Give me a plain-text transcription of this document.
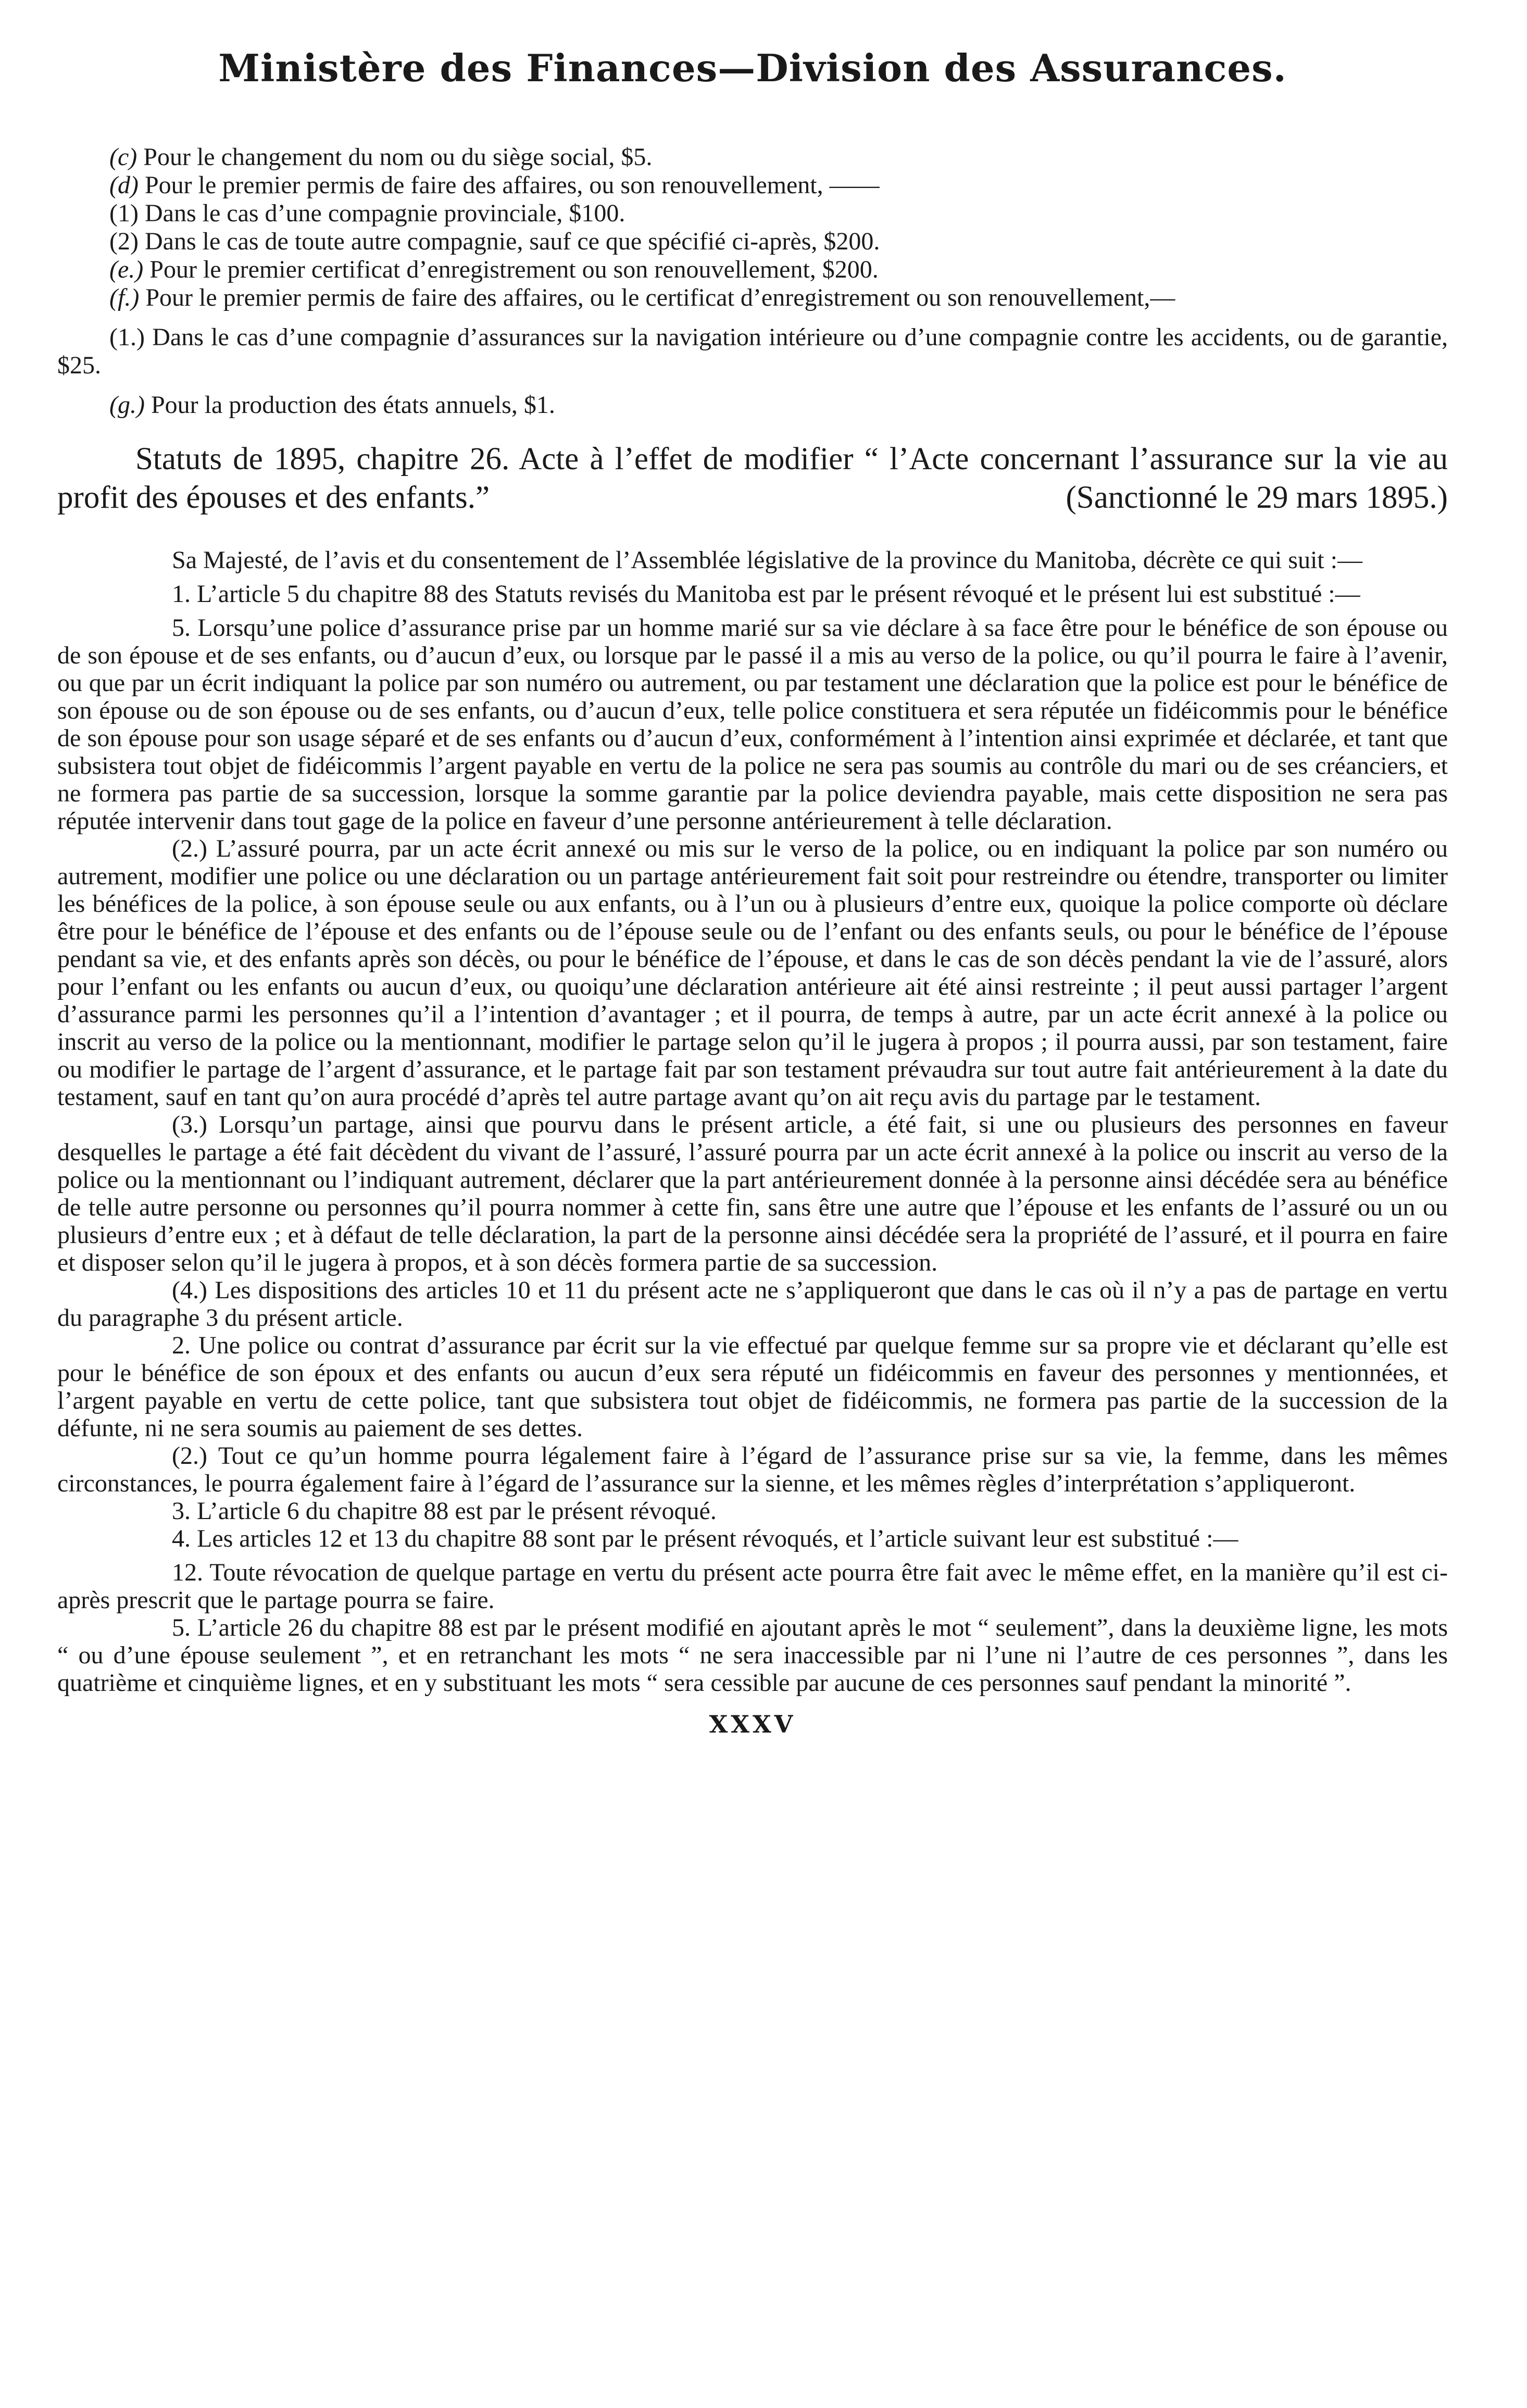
Ministère des Finances—Division des Assurances.
(c) Pour le changement du nom ou du siège social, $5.
(d) Pour le premier permis de faire des affaires, ou son renouvellement, ——
(1) Dans le cas d’une compagnie provinciale, $100.
(2) Dans le cas de toute autre compagnie, sauf ce que spécifié ci-après, $200.
(e.) Pour le premier certificat d’enregistrement ou son renouvellement, $200.
(f.) Pour le premier permis de faire des affaires, ou le certificat d’enregistrement ou son renouvellement,—
(1.) Dans le cas d’une compagnie d’assurances sur la navigation intérieure ou d’une compagnie contre les accidents, ou de garantie, $25.
(g.) Pour la production des états annuels, $1.
Statuts de 1895, chapitre 26. Acte à l’effet de modifier “ l’Acte concernant l’assurance sur la vie au profit des épouses et des enfants.”	(Sanctionné le 29 mars 1895.)

Sa Majesté, de l’avis et du consentement de l’Assemblée législative de la province du Manitoba, décrète ce qui suit :—

1. L’article 5 du chapitre 88 des Statuts revisés du Manitoba est par le présent révoqué et le présent lui est substitué :—

5. Lorsqu’une police d’assurance prise par un homme marié sur sa vie déclare à sa face être pour le bénéfice de son épouse ou de son épouse et de ses enfants, ou d’aucun d’eux, ou lorsque par le passé il a mis au verso de la police, ou qu’il pourra le faire à l’avenir, ou que par un écrit indiquant la police par son numéro ou autrement, ou par testament une déclaration que la police est pour le bénéfice de son épouse ou de son épouse ou de ses enfants, ou d’aucun d’eux, telle police constituera et sera réputée un fidéicommis pour le bénéfice de son épouse pour son usage séparé et de ses enfants ou d’aucun d’eux, conformément à l’intention ainsi exprimée et déclarée, et tant que subsistera tout objet de fidéicommis l’argent payable en vertu de la police ne sera pas soumis au contrôle du mari ou de ses créanciers, et ne formera pas partie de sa succession, lorsque la somme garantie par la police deviendra payable, mais cette disposition ne sera pas réputée intervenir dans tout gage de la police en faveur d’une personne antérieurement à telle déclaration.

(2.) L’assuré pourra, par un acte écrit annexé ou mis sur le verso de la police, ou en indiquant la police par son numéro ou autrement, modifier une police ou une déclaration ou un partage antérieurement fait soit pour restreindre ou étendre, transporter ou limiter les bénéfices de la police, à son épouse seule ou aux enfants, ou à l’un ou à plusieurs d’entre eux, quoique la police comporte où déclare être pour le bénéfice de l’épouse et des enfants ou de l’épouse seule ou de l’enfant ou des enfants seuls, ou pour le bénéfice de l’épouse pendant sa vie, et des enfants après son décès, ou pour le bénéfice de l’épouse, et dans le cas de son décès pendant la vie de l’assuré, alors pour l’enfant ou les enfants ou aucun d’eux, ou quoiqu’une déclaration antérieure ait été ainsi restreinte ; il peut aussi partager l’argent d’assurance parmi les personnes qu’il a l’intention d’avantager ; et il pourra, de temps à autre, par un acte écrit annexé à la police ou inscrit au verso de la police ou la mentionnant, modifier le partage selon qu’il le jugera à propos ; il pourra aussi, par son testament, faire ou modifier le partage de l’argent d’assurance, et le partage fait par son testament prévaudra sur tout autre fait antérieurement à la date du testament, sauf en tant qu’on aura procédé d’après tel autre partage avant qu’on ait reçu avis du partage par le testament.

(3.) Lorsqu’un partage, ainsi que pourvu dans le présent article, a été fait, si une ou plusieurs des personnes en faveur desquelles le partage a été fait décèdent du vivant de l’assuré, l’assuré pourra par un acte écrit annexé à la police ou inscrit au verso de la police ou la mentionnant ou l’indiquant autrement, déclarer que la part antérieurement donnée à la personne ainsi décédée sera au bénéfice de telle autre personne ou personnes qu’il pourra nommer à cette fin, sans être une autre que l’épouse et les enfants de l’assuré ou un ou plusieurs d’entre eux ; et à défaut de telle déclaration, la part de la personne ainsi décédée sera la propriété de l’assuré, et il pourra en faire et disposer selon qu’il le jugera à propos, et à son décès formera partie de sa succession.

(4.) Les dispositions des articles 10 et 11 du présent acte ne s’appliqueront que dans le cas où il n’y a pas de partage en vertu du paragraphe 3 du présent article.

2. Une police ou contrat d’assurance par écrit sur la vie effectué par quelque femme sur sa propre vie et déclarant qu’elle est pour le bénéfice de son époux et des enfants ou aucun d’eux sera réputé un fidéicommis en faveur des personnes y mentionnées, et l’argent payable en vertu de cette police, tant que subsistera tout objet de fidéicommis, ne formera pas partie de la succession de la défunte, ni ne sera soumis au paiement de ses dettes.

(2.) Tout ce qu’un homme pourra légalement faire à l’égard de l’assurance prise sur sa vie, la femme, dans les mêmes circonstances, le pourra également faire à l’égard de l’assurance sur la sienne, et les mêmes règles d’interprétation s’appliqueront.

3. L’article 6 du chapitre 88 est par le présent révoqué.

4. Les articles 12 et 13 du chapitre 88 sont par le présent révoqués, et l’article suivant leur est substitué :—

12. Toute révocation de quelque partage en vertu du présent acte pourra être fait avec le même effet, en la manière qu’il est ci-après prescrit que le partage pourra se faire.

5. L’article 26 du chapitre 88 est par le présent modifié en ajoutant après le mot “ seulement”, dans la deuxième ligne, les mots “ ou d’une épouse seulement ”, et en retranchant les mots “ ne sera inaccessible par ni l’une ni l’autre de ces personnes ”, dans les quatrième et cinquième lignes, et en y substituant les mots “ sera cessible par aucune de ces personnes sauf pendant la minorité ”.

XXXV
